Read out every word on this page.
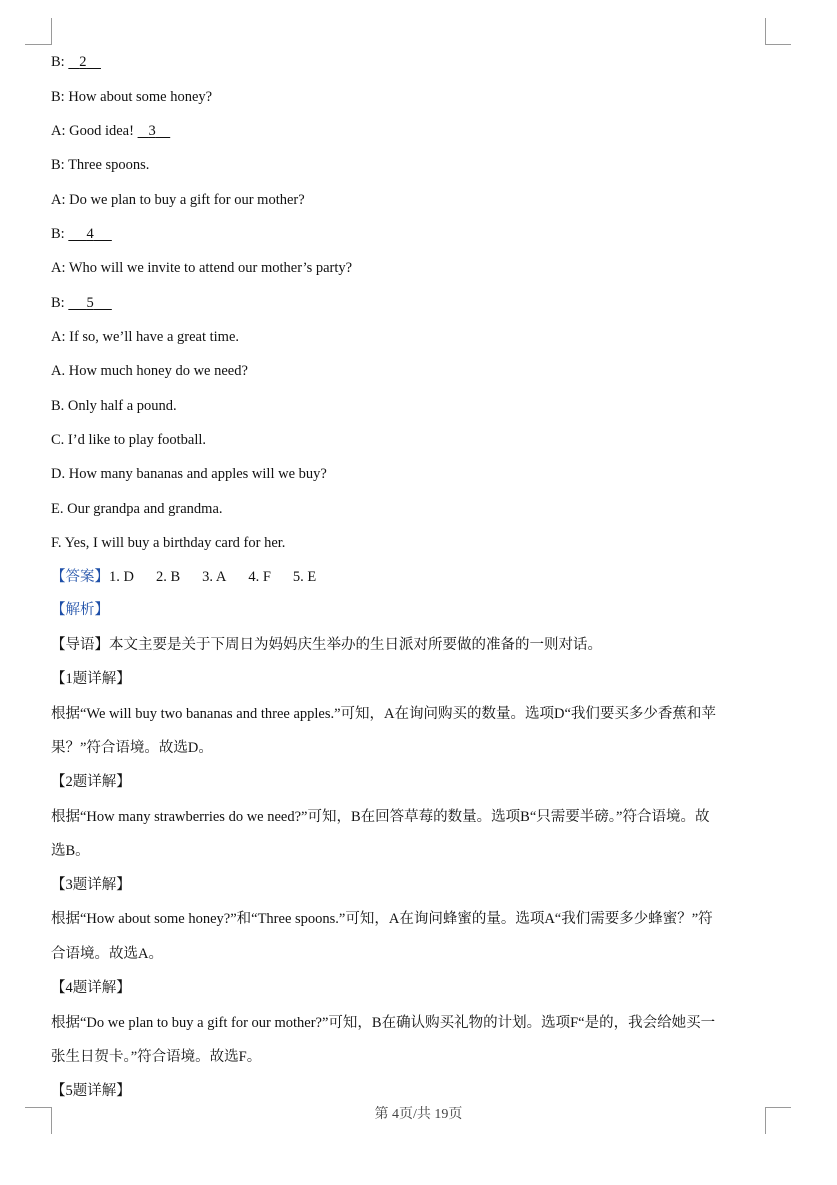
B: 2
B: How about some honey?
A: Good idea! 3
B: Three spoons.
A: Do we plan to buy a gift for our mother?
B: 4
A: Who will we invite to attend our mother’s party?
B: 5
A: If so, we’ll have a great time.
A. How much honey do we need?
B. Only half a pound.
C. I’d like to play football.
D. How many bananas and apples will we buy?
E. Our grandpa and grandma.
F. Yes, I will buy a birthday card for her.
【答案】1. D 2. B 3. A 4. F 5. E
【解析】
【导语】本文主要是关于下周日为妈妈庆生举办的生日派对所要做的准备的一则对话。
【1题详解】
根据“We will buy two bananas and three apples.”可知，A在询问购买的数量。选项D“我们要买多少香蕉和苹
果？”符合语境。故选D。
【2题详解】
根据“How many strawberries do we need?”可知，B在回答草莓的数量。选项B“只需要半磅。”符合语境。故
选B。
【3题详解】
根据“How about some honey?”和“Three spoons.”可知，A在询问蜂蜜的量。选项A“我们需要多少蜂蜜？”符
合语境。故选A。
【4题详解】
根据“Do we plan to buy a gift for our mother?”可知，B在确认购买礼物的计划。选项F“是的，我会给她买一
张生日贺卡。”符合语境。故选F。
【5题详解】
第 4页/共 19页
